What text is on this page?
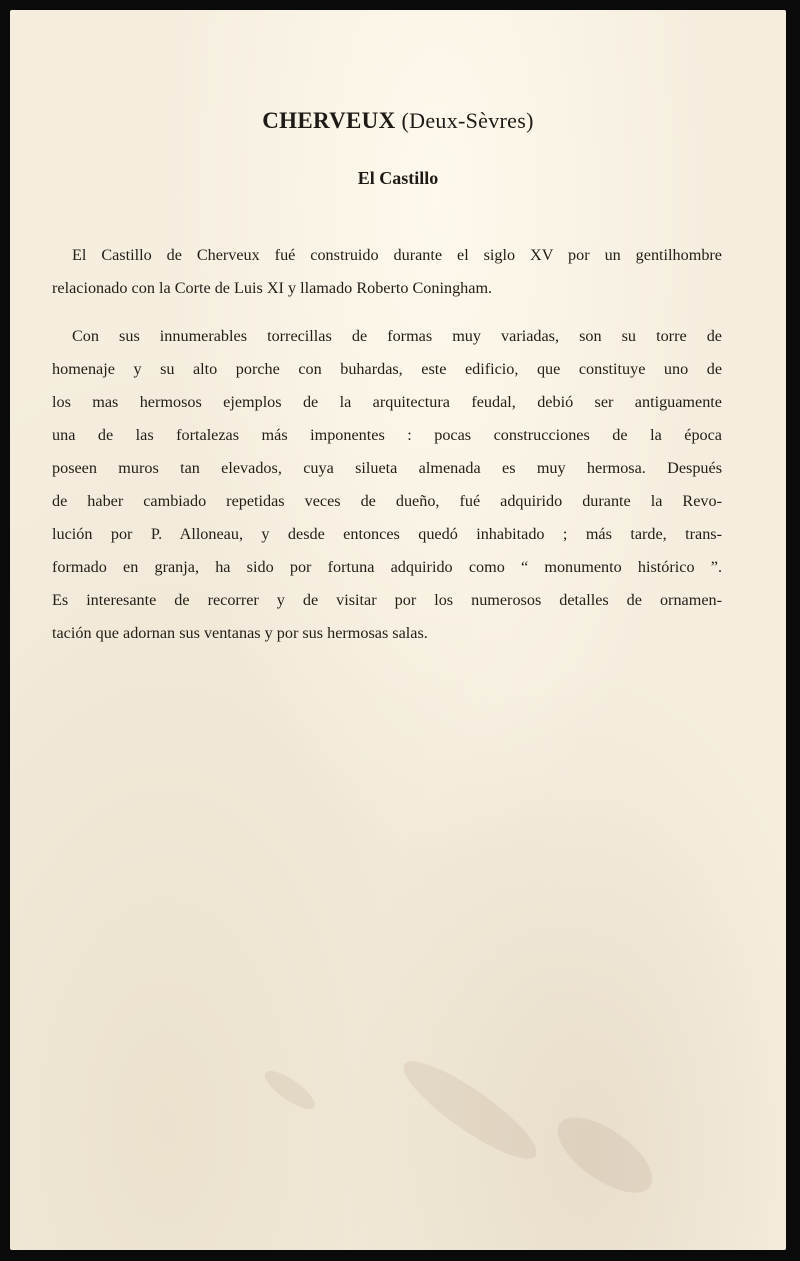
CHERVEUX (Deux-Sèvres)
El Castillo
El Castillo de Cherveux fué construido durante el siglo XV por un gentilhombre
relacionado con la Corte de Luis XI y llamado Roberto Coningham.
Con sus innumerables torrecillas de formas muy variadas, son su torre de
homenaje y su alto porche con buhardas, este edificio, que constituye uno de
los mas hermosos ejemplos de la arquitectura feudal, debió ser antiguamente
una de las fortalezas más imponentes : pocas construcciones de la época
poseen muros tan elevados, cuya silueta almenada es muy hermosa. Después
de haber cambiado repetidas veces de dueño, fué adquirido durante la Revo-
lución por P. Alloneau, y desde entonces quedó inhabitado ; más tarde, trans-
formado en granja, ha sido por fortuna adquirido como “ monumento histórico ”.
Es interesante de recorrer y de visitar por los numerosos detalles de ornamen-
tación que adornan sus ventanas y por sus hermosas salas.
